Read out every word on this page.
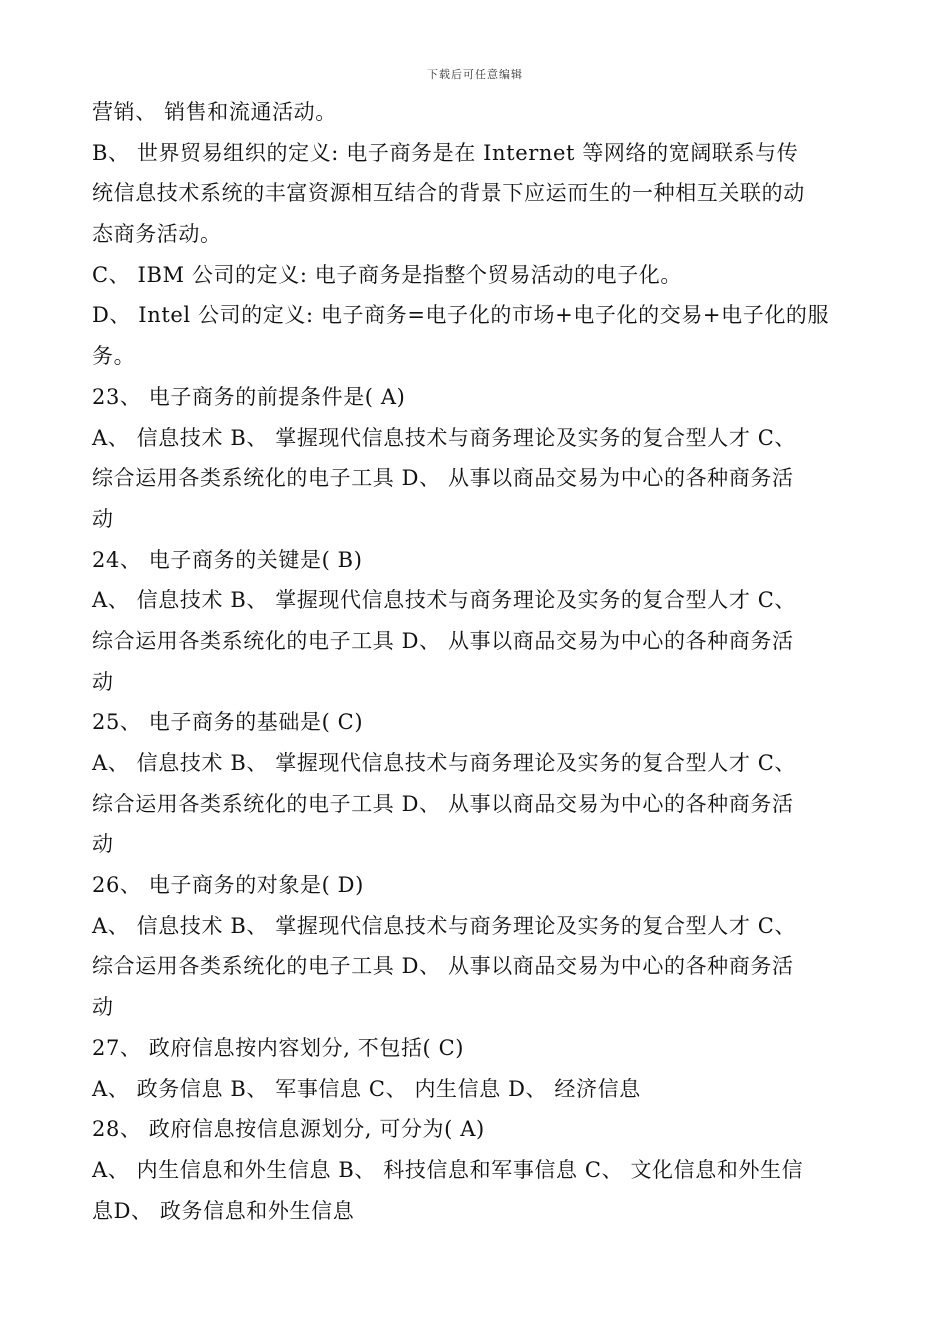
下载后可任意编辑
营销、 销售和流通活动。
B、 世界贸易组织的定义: 电子商务是在 Internet 等网络的宽阔联系与传
统信息技术系统的丰富资源相互结合的背景下应运而生的一种相互关联的动
态商务活动。
C、 IBM 公司的定义: 电子商务是指整个贸易活动的电子化。
D、 Intel 公司的定义: 电子商务=电子化的市场+电子化的交易+电子化的服
务。
23、 电子商务的前提条件是( A)
A、 信息技术 B、 掌握现代信息技术与商务理论及实务的复合型人才 C、
综合运用各类系统化的电子工具 D、 从事以商品交易为中心的各种商务活
动
24、 电子商务的关键是( B)
A、 信息技术 B、 掌握现代信息技术与商务理论及实务的复合型人才 C、
综合运用各类系统化的电子工具 D、 从事以商品交易为中心的各种商务活
动
25、 电子商务的基础是( C)
A、 信息技术 B、 掌握现代信息技术与商务理论及实务的复合型人才 C、
综合运用各类系统化的电子工具 D、 从事以商品交易为中心的各种商务活
动
26、 电子商务的对象是( D)
A、 信息技术 B、 掌握现代信息技术与商务理论及实务的复合型人才 C、
综合运用各类系统化的电子工具 D、 从事以商品交易为中心的各种商务活
动
27、 政府信息按内容划分, 不包括( C)
A、 政务信息 B、 军事信息 C、 内生信息 D、 经济信息
28、 政府信息按信息源划分, 可分为( A)
A、 内生信息和外生信息 B、 科技信息和军事信息 C、 文化信息和外生信
息D、 政务信息和外生信息
